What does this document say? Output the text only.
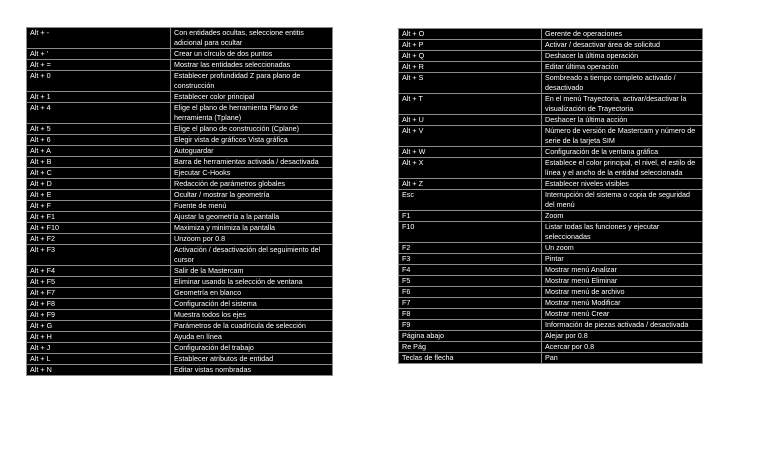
Alt + -	Con entidades ocultas, seleccione entitis adicional para ocultar
Alt + '	Crear un círculo de dos puntos
Alt + =	Mostrar las entidades seleccionadas
Alt + 0	Establecer profundidad Z para plano de construcción
Alt + 1	Establecer color principal
Alt + 4	Elige el plano de herramienta Plano de herramienta (Tplane)
Alt + 5	Elige el plano de construcción (Cplane)
Alt + 6	Elegir vista de gráficos Vista gráfica
Alt + A	Autoguardar
Alt + B	Barra de herramientas activada / desactivada
Alt + C	Ejecutar C-Hooks
Alt + D	Redacción de parámetros globales
Alt + E	Ocultar / mostrar la geometría
Alt + F	Fuente de menú
Alt + F1	Ajustar la geometría a la pantalla
Alt + F10	Maximiza y minimiza la pantalla
Alt + F2	Unzoom por 0.8
Alt + F3	Activación / desactivación del seguimiento del cursor
Alt + F4	Salir de la Mastercam
Alt + F5	Eliminar usando la selección de ventana
Alt + F7	Geometría en blanco
Alt + F8	Configuración del sistema
Alt + F9	Muestra todos los ejes
Alt + G	Parámetros de la cuadrícula de selección
Alt + H	Ayuda en línea
Alt + J	Configuración del trabajo
Alt + L	Establecer atributos de entidad
Alt + N	Editar vistas nombradas
Alt + O	Gerente de operaciones
Alt + P	Activar / desactivar área de solicitud
Alt + Q	Deshacer la última operación
Alt + R	Editar última operación
Alt + S	Sombreado a tiempo completo activado / desactivado
Alt + T	En el menú Trayectoria, activar/desactivar la visualización de Trayectoria
Alt + U	Deshacer la última acción
Alt + V	Número de versión de Mastercam y número de serie de la tarjeta SIM
Alt + W	Configuración de la ventana gráfica
Alt + X	Establece el color principal, el nivel, el estilo de línea y el ancho de la entidad seleccionada
Alt + Z	Establecer niveles visibles
Esc	Interrupción del sistema o copia de seguridad del menú
F1	Zoom
F10	Listar todas las funciones y ejecutar seleccionadas
F2	Un zoom
F3	Pintar
F4	Mostrar menú Analizar
F5	Mostrar menú Eliminar
F6	Mostrar menú de archivo
F7	Mostrar menú Modificar
F8	Mostrar menú Crear
F9	Información de piezas activada / desactivada
Página abajo	Alejar por 0.8
Re Pág	Acercar por 0.8
Teclas de flecha	Pan
